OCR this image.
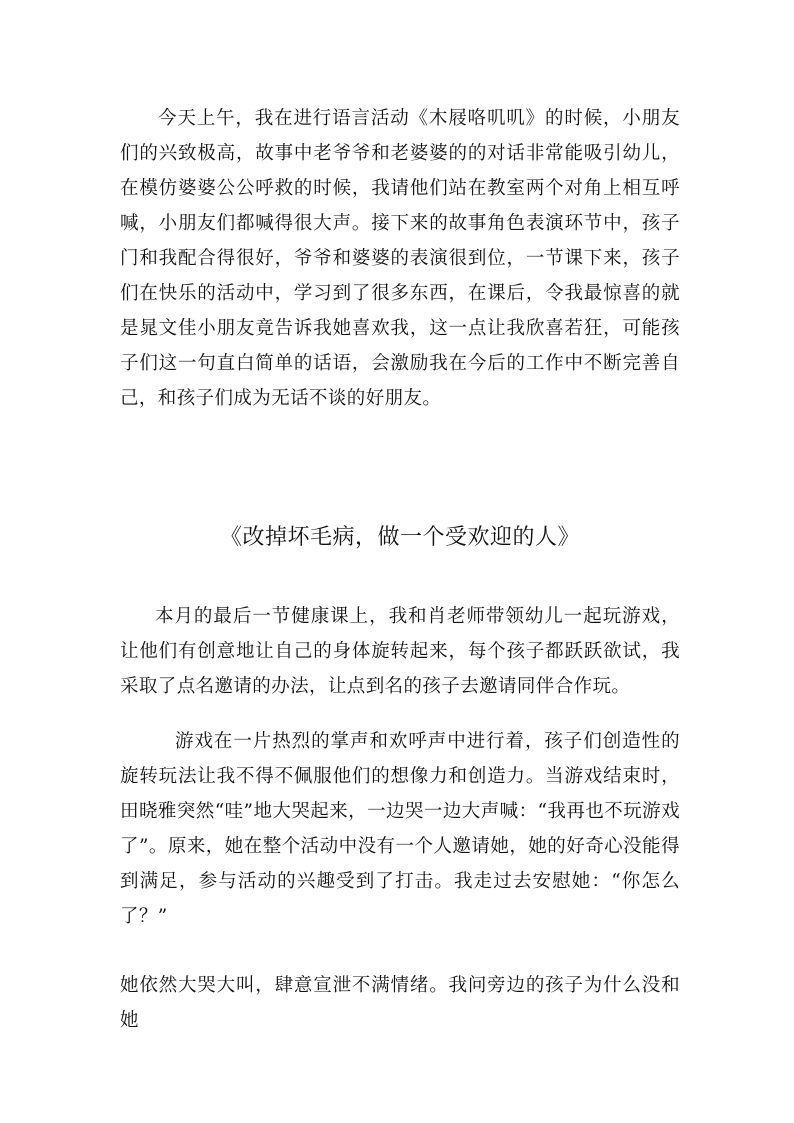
今天上午，我在进行语言活动《木屐咯叽叽》的时候，小朋友们的兴致极高，故事中老爷爷和老婆婆的的对话非常能吸引幼儿，在模仿婆婆公公呼救的时候，我请他们站在教室两个对角上相互呼喊，小朋友们都喊得很大声。接下来的故事角色表演环节中，孩子门和我配合得很好，爷爷和婆婆的表演很到位，一节课下来，孩子们在快乐的活动中，学习到了很多东西，在课后，令我最惊喜的就是晁文佳小朋友竟告诉我她喜欢我，这一点让我欣喜若狂，可能孩子们这一句直白简单的话语，会激励我在今后的工作中不断完善自己，和孩子们成为无话不谈的好朋友。

《改掉坏毛病，做一个受欢迎的人》

本月的最后一节健康课上，我和肖老师带领幼儿一起玩游戏，让他们有创意地让自己的身体旋转起来，每个孩子都跃跃欲试，我采取了点名邀请的办法，让点到名的孩子去邀请同伴合作玩。

游戏在一片热烈的掌声和欢呼声中进行着，孩子们创造性的旋转玩法让我不得不佩服他们的想像力和创造力。当游戏结束时，田晓雅突然“哇”地大哭起来，一边哭一边大声喊：“我再也不玩游戏了”。原来，她在整个活动中没有一个人邀请她，她的好奇心没能得到满足，参与活动的兴趣受到了打击。我走过去安慰她：“你怎么了？”

她依然大哭大叫，肆意宣泄不满情绪。我问旁边的孩子为什么没和她
